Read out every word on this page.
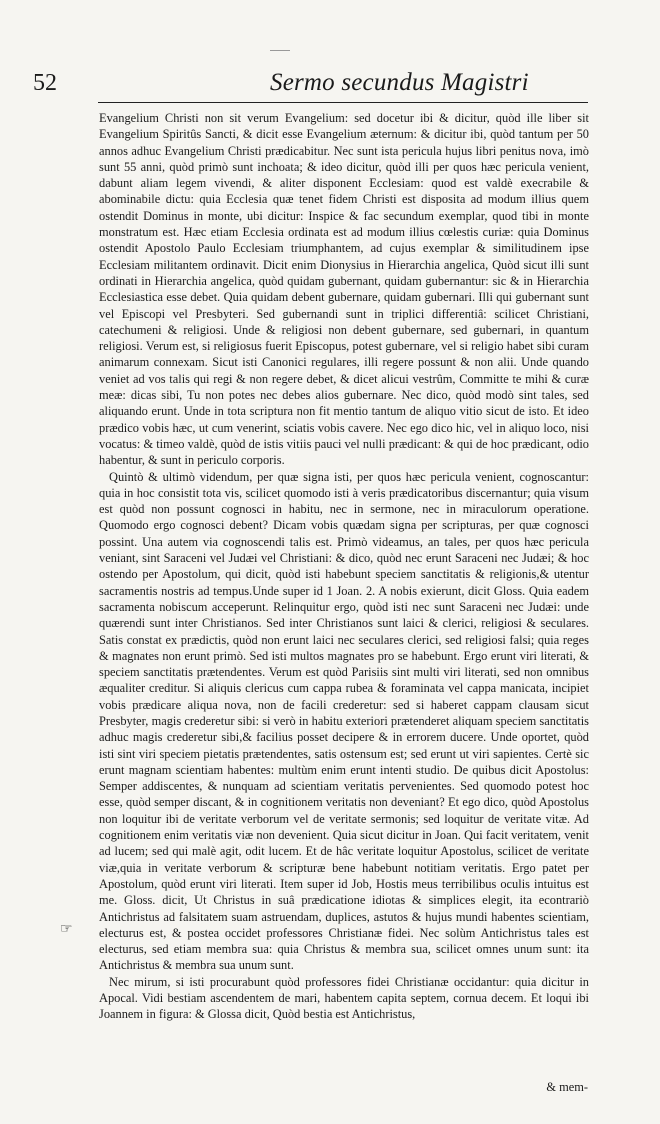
52	Sermo secundus Magistri

Evangelium Christi non sit verum Evangelium: sed docetur ibi & dicitur, quòd ille liber sit Evangelium Spiritûs Sancti, & dicit esse Evangelium æternum: & dicitur ibi, quòd tantum per 50 annos adhuc Evangelium Christi prædicabitur. Nec sunt ista pericula hujus libri penitus nova, imò sunt 55 anni, quòd primò sunt inchoata; & ideo dicitur, quòd illi per quos hæc pericula venient, dabunt aliam legem vivendi, & aliter disponent Ecclesiam: quod est valdè execrabile & abominabile dictu: quia Ecclesia quæ tenet fidem Christi est disposita ad modum illius quem ostendit Dominus in monte, ubi dicitur: Inspice & fac secundum exemplar, quod tibi in monte monstratum est. Hæc etiam Ecclesia ordinata est ad modum illius cœlestis curiæ: quia Dominus ostendit Apostolo Paulo Ecclesiam triumphantem, ad cujus exemplar & similitudinem ipse Ecclesiam militantem ordinavit. Dicit enim Dionysius in Hierarchia angelica, Quòd sicut illi sunt ordinati in Hierarchia angelica, quòd quidam gubernant, quidam gubernantur: sic & in Hierarchia Ecclesiastica esse debet. Quia quidam debent gubernare, quidam gubernari. Illi qui gubernant sunt vel Episcopi vel Presbyteri. Sed gubernandi sunt in triplici differentiâ: scilicet Christiani, catechumeni & religiosi. Unde & religiosi non debent gubernare, sed gubernari, in quantum religiosi. Verum est, si religiosus fuerit Episcopus, potest gubernare, vel si religio habet sibi curam animarum connexam. Sicut isti Canonici regulares, illi regere possunt & non alii. Unde quando veniet ad vos talis qui regi & non regere debet, & dicet alicui vestrûm, Committe te mihi & curæ meæ: dicas sibi, Tu non potes nec debes alios gubernare. Nec dico, quòd modò sint tales, sed aliquando erunt. Unde in tota scriptura non fit mentio tantum de aliquo vitio sicut de isto. Et ideo prædico vobis hæc, ut cum venerint, sciatis vobis cavere. Nec ego dico hic, vel in aliquo loco, nisi vocatus: & timeo valdè, quòd de istis vitiis pauci vel nulli prædicant: & qui de hoc prædicant, odio habentur, & sunt in periculo corporis.

Quintò & ultimò videndum, per quæ signa isti, per quos hæc pericula venient, cognoscantur: quia in hoc consistit tota vis, scilicet quomodo isti à veris prædicatoribus discernantur; quia visum est quòd non possunt cognosci in habitu, nec in sermone, nec in miraculorum operatione. Quomodo ergo cognosci debent? Dicam vobis quædam signa per scripturas, per quæ cognosci possint. Una autem via cognoscendi talis est. Primò videamus, an tales, per quos hæc pericula veniant, sint Saraceni vel Judæi vel Christiani: & dico, quòd nec erunt Saraceni nec Judæi; & hoc ostendo per Apostolum, qui dicit, quòd isti habebunt speciem sanctitatis & religionis,& utentur sacramentis nostris ad tempus.Unde super id 1 Joan. 2. A nobis exierunt, dicit Gloss. Quia eadem sacramenta nobiscum acceperunt. Relinquitur ergo, quòd isti nec sunt Saraceni nec Judæi: unde quærendi sunt inter Christianos. Sed inter Christianos sunt laici & clerici, religiosi & seculares. Satis constat ex prædictis, quòd non erunt laici nec seculares clerici, sed religiosi falsi; quia reges & magnates non erunt primò. Sed isti multos magnates pro se habebunt. Ergo erunt viri literati, & speciem sanctitatis prætendentes. Verum est quòd Parisiis sint multi viri literati, sed non omnibus æqualiter creditur. Si aliquis clericus cum cappa rubea & foraminata vel cappa manicata, incipiet vobis prædicare aliqua nova, non de facili crederetur: sed si haberet cappam clausam sicut Presbyter, magis crederetur sibi: si verò in habitu exteriori prætenderet aliquam speciem sanctitatis adhuc magis crederetur sibi,& facilius posset decipere & in errorem ducere. Unde oportet, quòd isti sint viri speciem pietatis prætendentes, satis ostensum est; sed erunt ut viri sapientes. Certè sic erunt magnam scientiam habentes: multùm enim erunt intenti studio. De quibus dicit Apostolus: Semper addiscentes, & nunquam ad scientiam veritatis pervenientes. Sed quomodo potest hoc esse, quòd semper discant, & in cognitionem veritatis non deveniant? Et ego dico, quòd Apostolus non loquitur ibi de veritate verborum vel de veritate sermonis; sed loquitur de veritate vitæ. Ad cognitionem enim veritatis viæ non devenient. Quia sicut dicitur in Joan. Qui facit veritatem, venit ad lucem; sed qui malè agit, odit lucem. Et de hâc veritate loquitur Apostolus, scilicet de veritate viæ,quia in veritate verborum & scripturæ bene habebunt notitiam veritatis. Ergo patet per Apostolum, quòd erunt viri literati. Item super id Job, Hostis meus terribilibus oculis intuitus est me. Gloss. dicit, Ut Christus in suâ prædicatione idiotas & simplices elegit, ita econtrariò Antichristus ad falsitatem suam astruendam, duplices, astutos & hujus mundi habentes scientiam, electurus est, & postea occidet professores Christianæ fidei. Nec solùm Antichristus tales est electurus, sed etiam membra sua: quia Christus & membra sua, scilicet omnes unum sunt: ita Antichristus & membra sua unum sunt.

Nec mirum, si isti procurabunt quòd professores fidei Christianæ occidantur: quia dicitur in Apocal. Vidi bestiam ascendentem de mari, habentem capita septem, cornua decem. Et loqui ibi Joannem in figura: & Glossa dicit, Quòd bestia est Antichristus,

☞
& mem-
